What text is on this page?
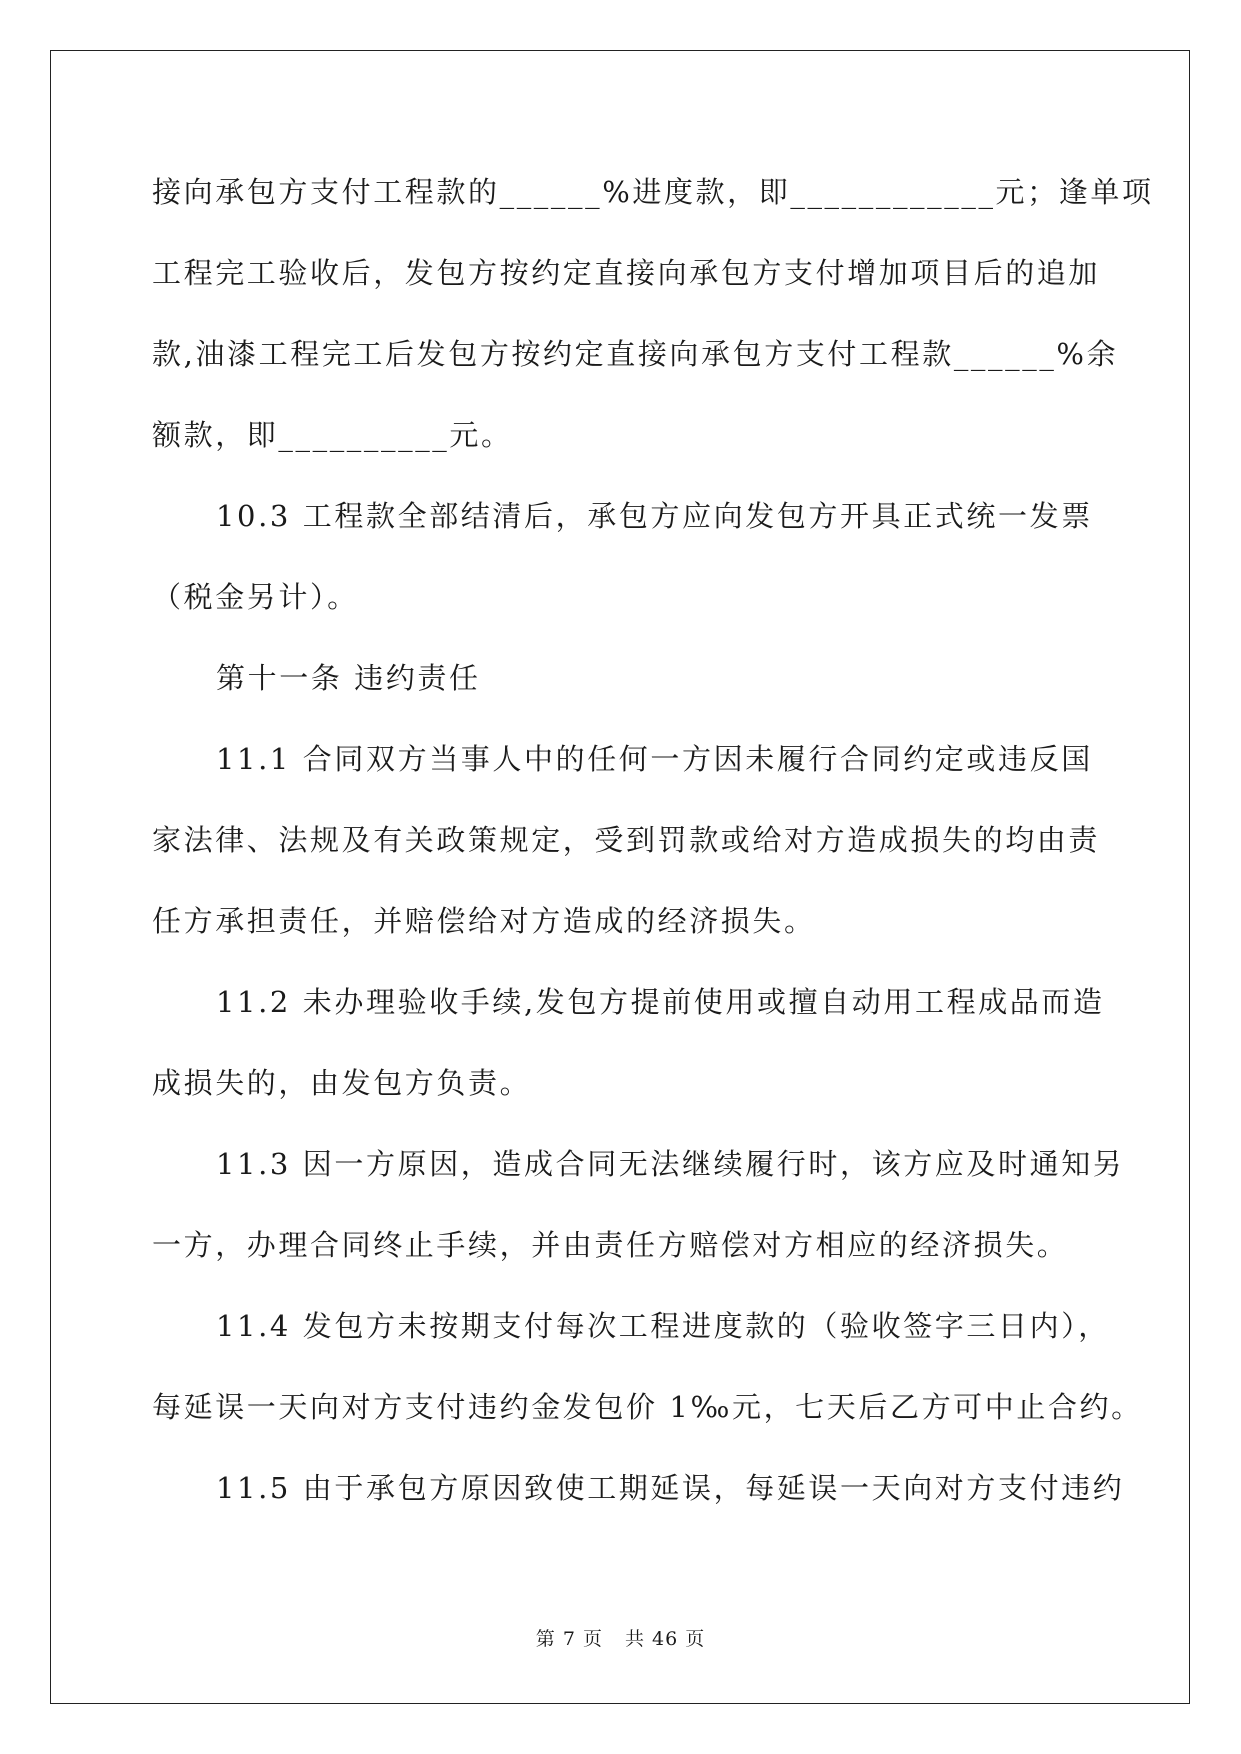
接向承包方支付工程款的______%进度款，即____________元；逢单项
工程完工验收后，发包方按约定直接向承包方支付增加项目后的追加
款,油漆工程完工后发包方按约定直接向承包方支付工程款______%余
额款，即__________元。
10.3 工程款全部结清后，承包方应向发包方开具正式统一发票
（税金另计）。
第十一条 违约责任
11.1 合同双方当事人中的任何一方因未履行合同约定或违反国
家法律、法规及有关政策规定，受到罚款或给对方造成损失的均由责
任方承担责任，并赔偿给对方造成的经济损失。
11.2 未办理验收手续,发包方提前使用或擅自动用工程成品而造
成损失的，由发包方负责。
11.3 因一方原因，造成合同无法继续履行时，该方应及时通知另
一方，办理合同终止手续，并由责任方赔偿对方相应的经济损失。
11.4 发包方未按期支付每次工程进度款的（验收签字三日内），
每延误一天向对方支付违约金发包价 1‰元，七天后乙方可中止合约。
11.5 由于承包方原因致使工期延误，每延误一天向对方支付违约
第 7 页 共 46 页
